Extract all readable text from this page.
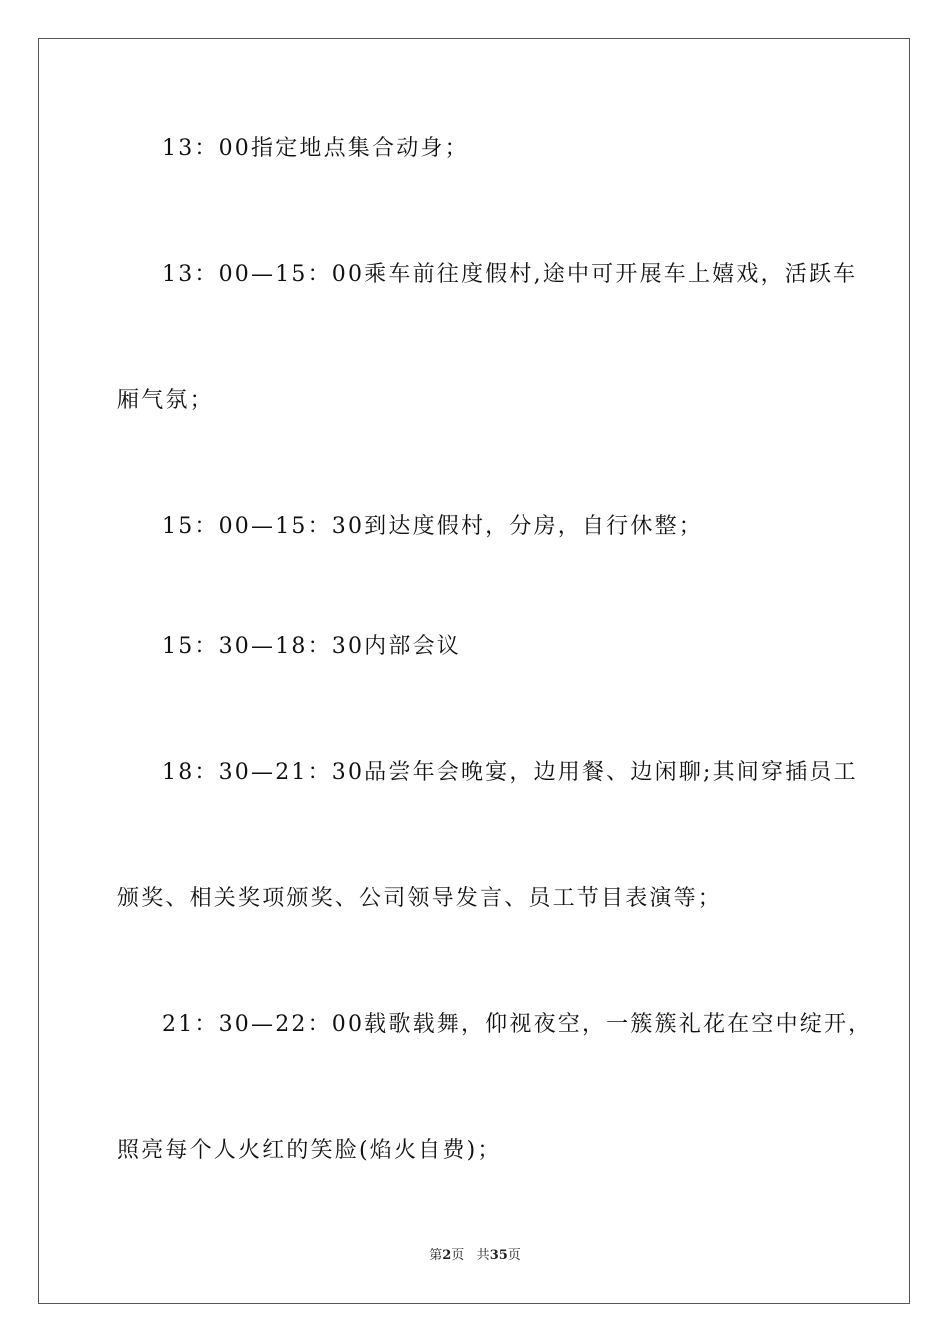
13：00指定地点集合动身；
13：00—15：00乘车前往度假村,途中可开展车上嬉戏，活跃车
厢气氛；
15：00—15：30到达度假村，分房，自行休整；
15：30—18：30内部会议
18：30—21：30品尝年会晚宴，边用餐、边闲聊;其间穿插员工
颁奖、相关奖项颁奖、公司领导发言、员工节目表演等；
21：30—22：00载歌载舞，仰视夜空，一簇簇礼花在空中绽开，
照亮每个人火红的笑脸(焰火自费)；
第2页 共35页
